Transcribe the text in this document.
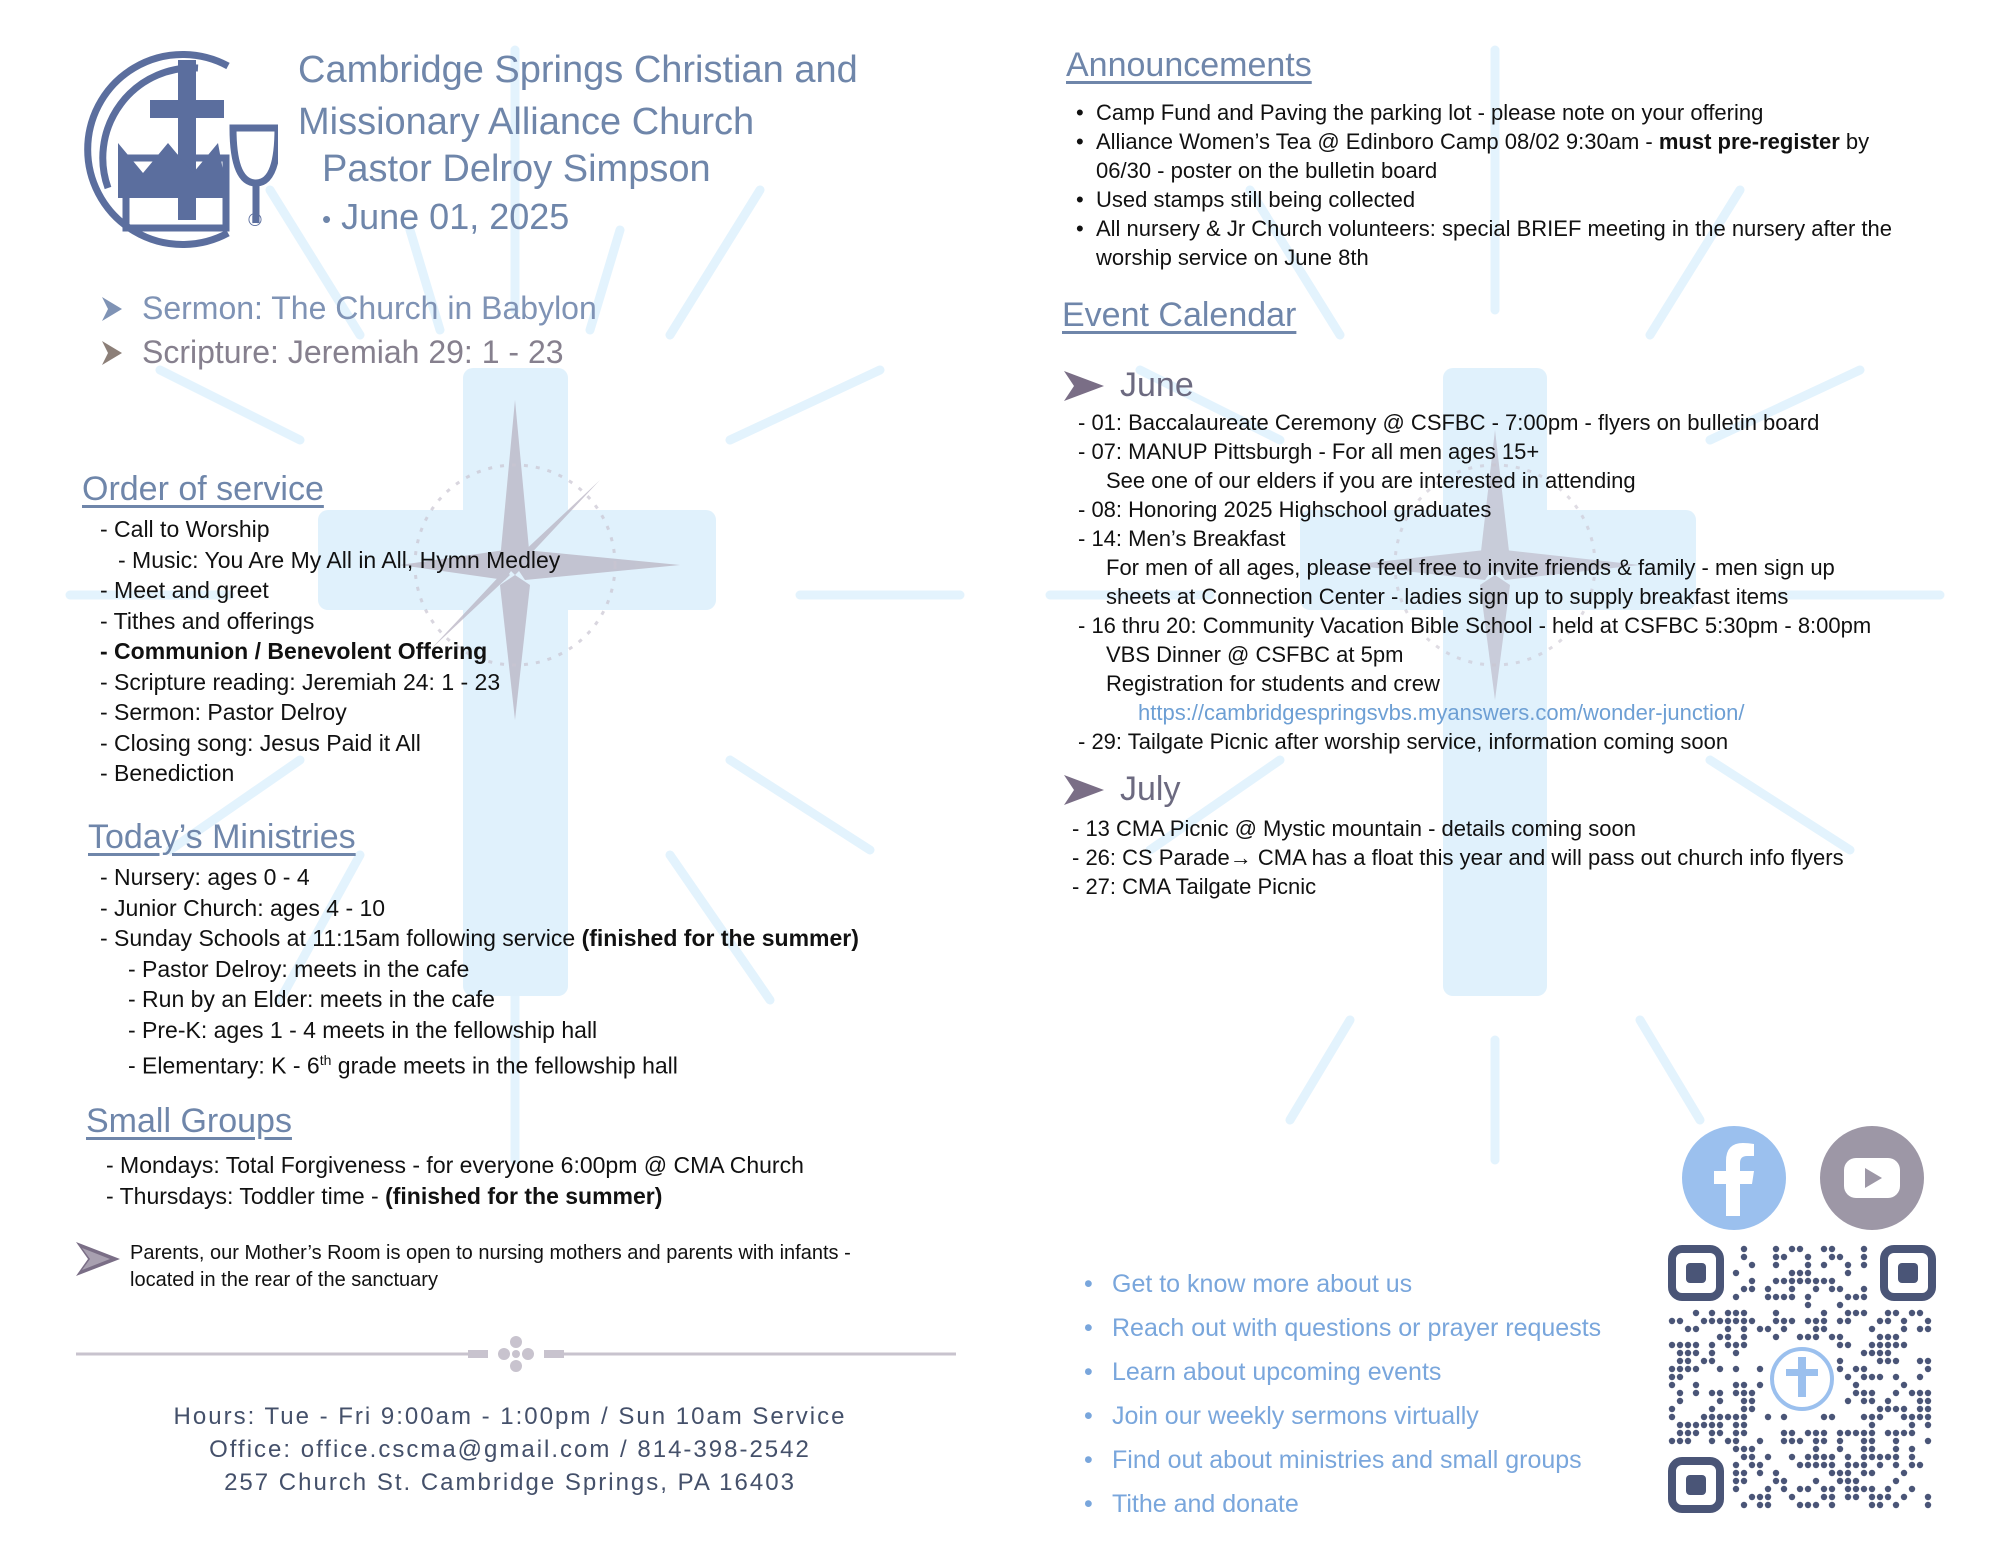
®
Cambridge Springs Christian and
Missionary Alliance Church
Pastor Delroy Simpson
• June 01, 2025
Sermon: The Church in Babylon
Scripture: Jeremiah 29: 1 - 23
Order of service
- Call to Worship
- Music: You Are My All in All, Hymn Medley
- Meet and greet
- Tithes and offerings
- Communion / Benevolent Offering
- Scripture reading: Jeremiah 24: 1 - 23
- Sermon: Pastor Delroy
- Closing song: Jesus Paid it All
- Benediction
Today’s Ministries
- Nursery: ages 0 - 4
- Junior Church: ages 4 - 10
- Sunday Schools at 11:15am following service (finished for the summer)
- Pastor Delroy: meets in the cafe
- Run by an Elder: meets in the cafe
- Pre-K: ages 1 - 4 meets in the fellowship hall
- Elementary: K - 6th grade meets in the fellowship hall
Small Groups
- Mondays: Total Forgiveness - for everyone 6:00pm @ CMA Church
- Thursdays: Toddler time - (finished for the summer)
Parents, our Mother’s Room is open to nursing mothers and parents with infants -
located in the rear of the sanctuary
Hours: Tue - Fri 9:00am - 1:00pm / Sun 10am Service
Office: office.cscma@gmail.com / 814-398-2542
257 Church St. Cambridge Springs, PA 16403
Announcements
• Camp Fund and Paving the parking lot - please note on your offering
• Alliance Women’s Tea @ Edinboro Camp 08/02 9:30am - must pre-register by
06/30 - poster on the bulletin board
• Used stamps still being collected
• All nursery & Jr Church volunteers: special BRIEF meeting in the nursery after the
worship service on June 8th
Event Calendar
June
- 01: Baccalaureate Ceremony @ CSFBC - 7:00pm - flyers on bulletin board
- 07: MANUP Pittsburgh - For all men ages 15+
See one of our elders if you are interested in attending
- 08: Honoring 2025 Highschool graduates
- 14: Men’s Breakfast
For men of all ages, please feel free to invite friends & family - men sign up
sheets at Connection Center - ladies sign up to supply breakfast items
- 16 thru 20: Community Vacation Bible School - held at CSFBC 5:30pm - 8:00pm
VBS Dinner @ CSFBC at 5pm
Registration for students and crew
https://cambridgespringsvbs.myanswers.com/wonder-junction/
- 29: Tailgate Picnic after worship service, information coming soon
July
- 13 CMA Picnic @ Mystic mountain - details coming soon
- 26: CS Parade→ CMA has a float this year and will pass out church info flyers
- 27: CMA Tailgate Picnic
• Get to know more about us
• Reach out with questions or prayer requests
• Learn about upcoming events
• Join our weekly sermons virtually
• Find out about ministries and small groups
• Tithe and donate
